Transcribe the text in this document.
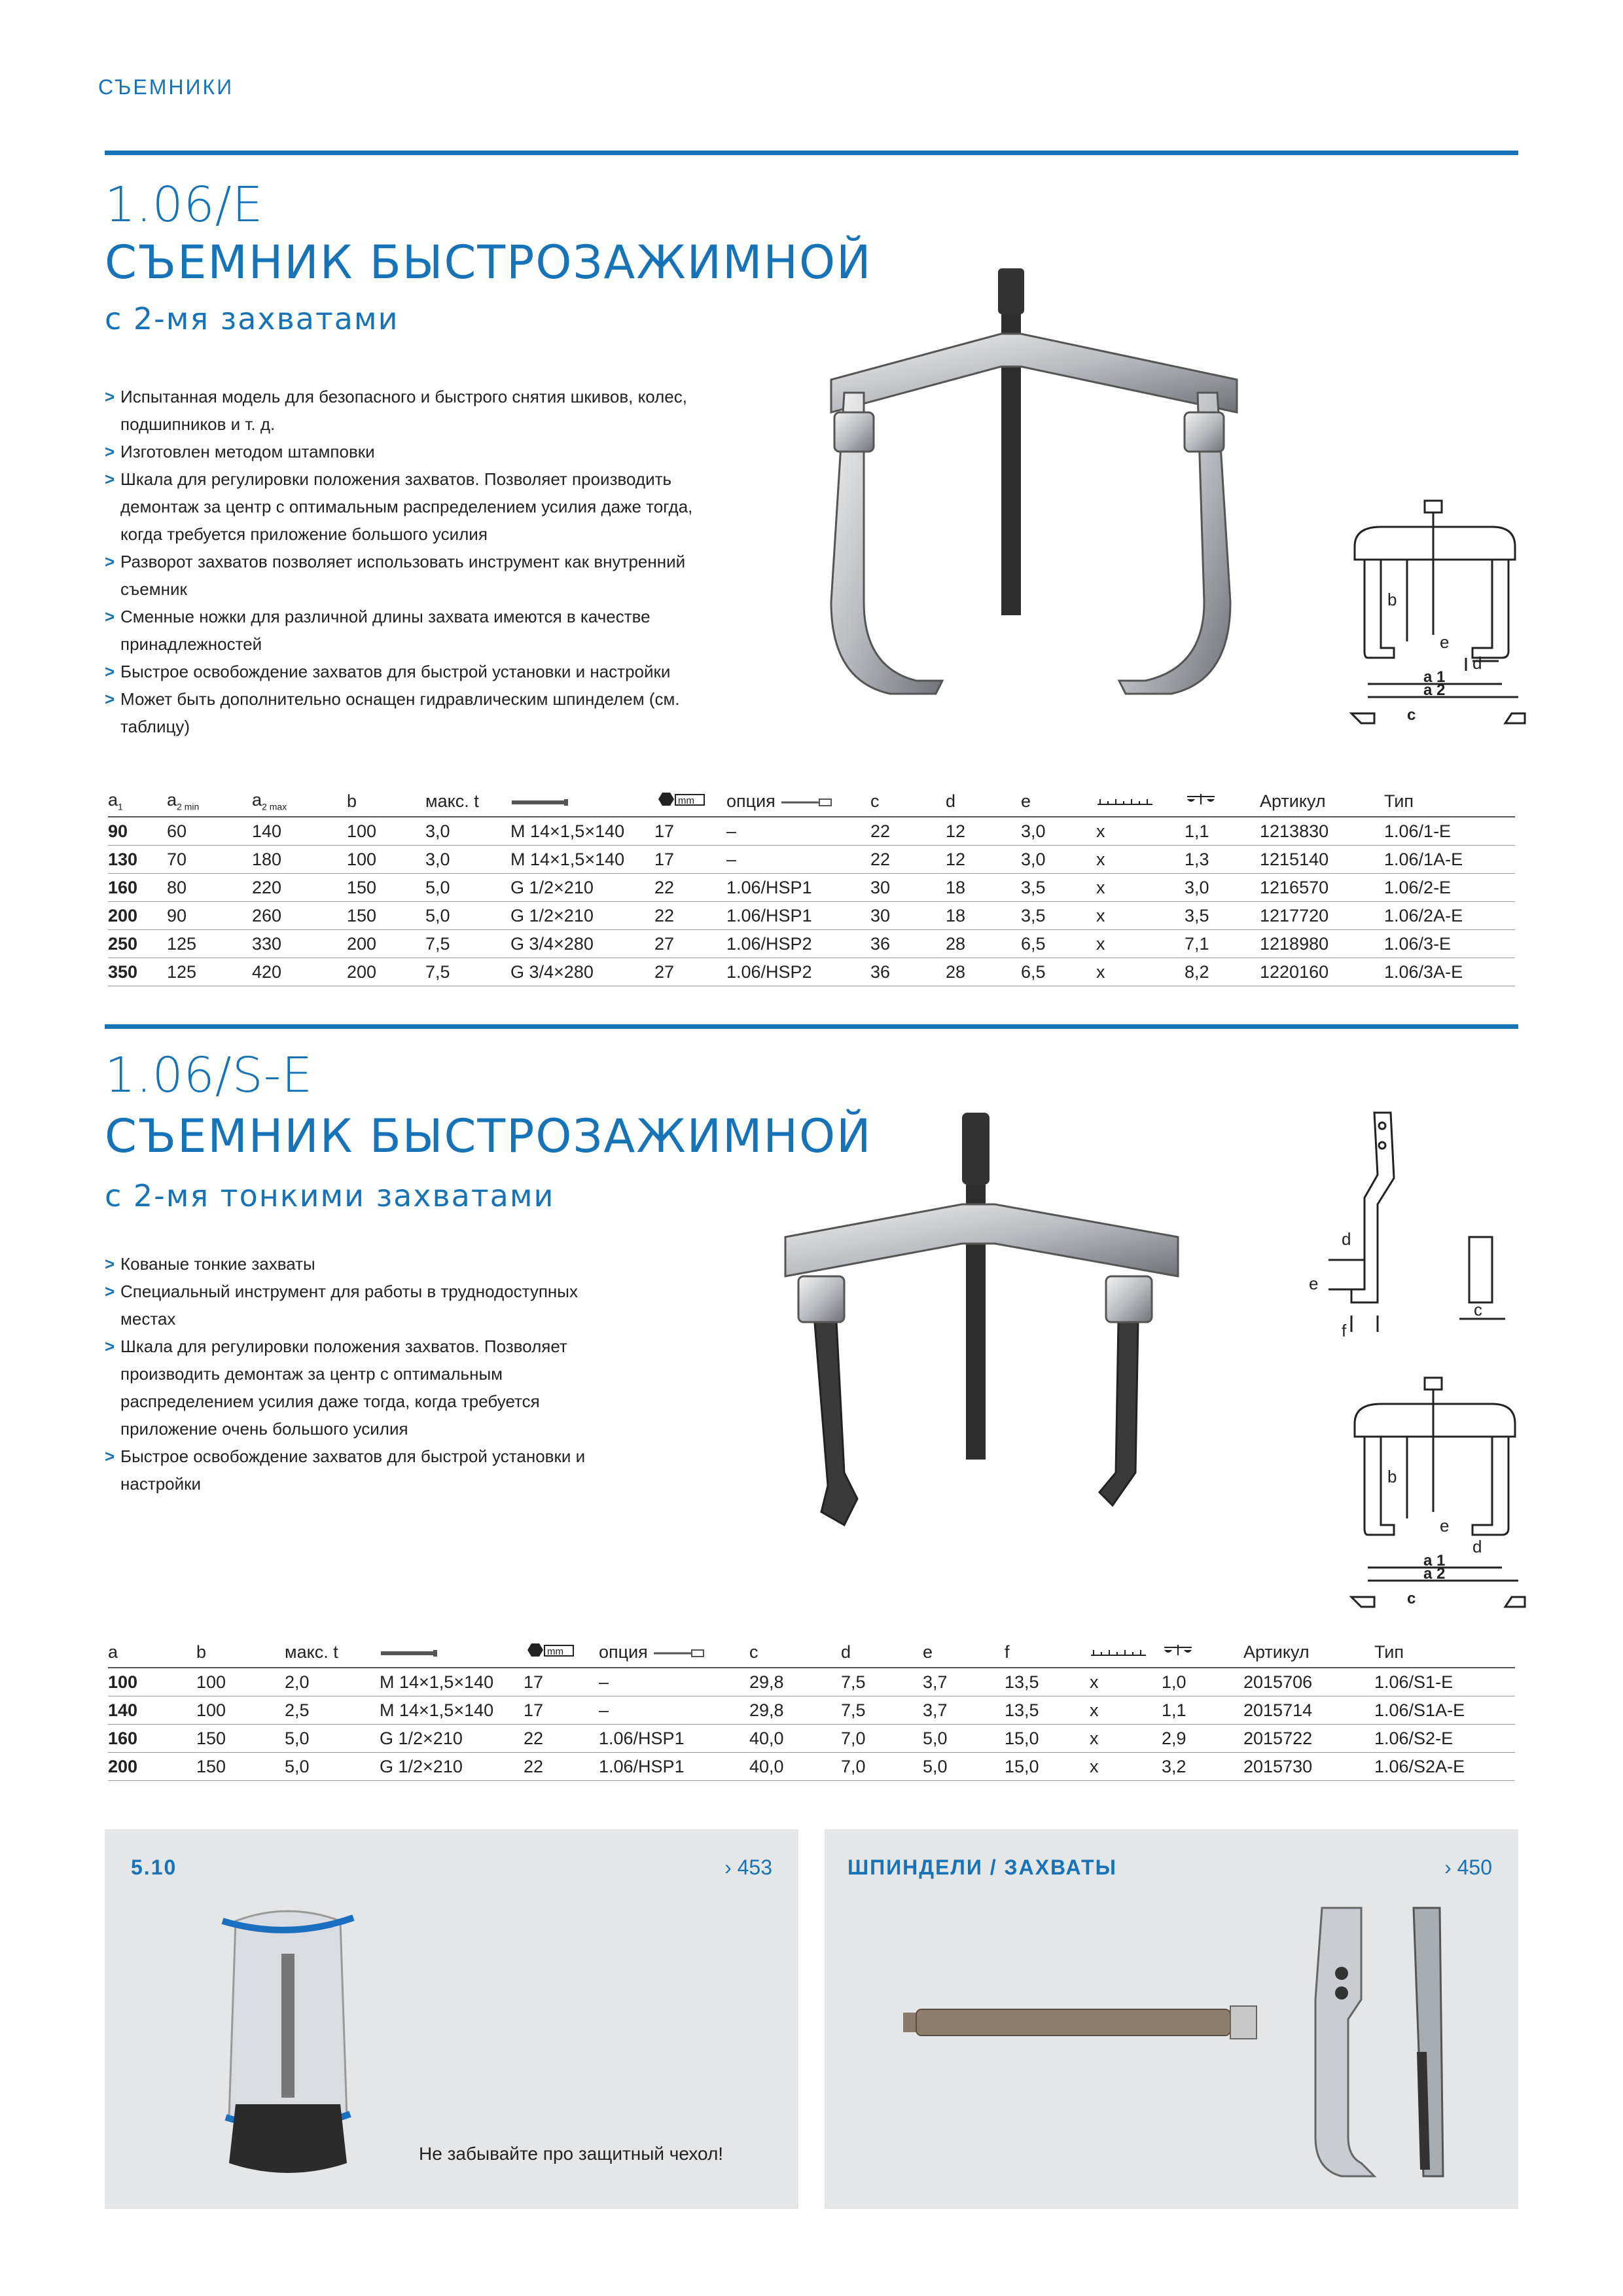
СЪЕМНИКИ
1.06/E
СЪЕМНИК БЫСТРОЗАЖИМНОЙ
с 2-мя захватами
> Испытанная модель для безопасного и быстрого снятия шкивов, колес, подшипников и т. д.
> Изготовлен методом штамповки
> Шкала для регулировки положения захватов. Позволяет производить демонтаж за центр с оптимальным распределением усилия даже тогда, когда требуется приложение большого усилия
> Разворот захватов позволяет использовать инструмент как внутренний съемник
> Сменные ножки для различной длины захвата имеются в качестве принадлежностей
> Быстрое освобождение захватов для быстрой установки и настройки
> Может быть дополнительно оснащен гидравлическим шпинделем (см. таблицу)
b
e
d
a 1
a 2
c
$a_1$	$a_{2 min}$	$a_{2 max}$	b	макс. t		mm	опция	c	d	e			Артикул	Тип
90	60	140	100	3,0	M 14×1,5×140	17	–	22	12	3,0	x	1,1	1213830	1.06/1-E
130	70	180	100	3,0	M 14×1,5×140	17	–	22	12	3,0	x	1,3	1215140	1.06/1A-E
160	80	220	150	5,0	G 1/2×210	22	1.06/HSP1	30	18	3,5	x	3,0	1216570	1.06/2-E
200	90	260	150	5,0	G 1/2×210	22	1.06/HSP1	30	18	3,5	x	3,5	1217720	1.06/2A-E
250	125	330	200	7,5	G 3/4×280	27	1.06/HSP2	36	28	6,5	x	7,1	1218980	1.06/3-E
350	125	420	200	7,5	G 3/4×280	27	1.06/HSP2	36	28	6,5	x	8,2	1220160	1.06/3A-E
1.06/S-E
СЪЕМНИК БЫСТРОЗАЖИМНОЙ
с 2-мя тонкими захватами
> Кованые тонкие захваты
> Специальный инструмент для работы в труднодоступных местах
> Шкала для регулировки положения захватов. Позволяет производить демонтаж за центр с оптимальным распределением усилия даже тогда, когда требуется приложение очень большого усилия
> Быстрое освобождение захватов для быстрой установки и настройки
d
e
f
c
b
e
d
a 1
a 2
c
a	b	макс. t		mm	опция	c	d	e	f			Артикул	Тип
100	100	2,0	M 14×1,5×140	17	–	29,8	7,5	3,7	13,5	x	1,0	2015706	1.06/S1-E
140	100	2,5	M 14×1,5×140	17	–	29,8	7,5	3,7	13,5	x	1,1	2015714	1.06/S1A-E
160	150	5,0	G 1/2×210	22	1.06/HSP1	40,0	7,0	5,0	15,0	x	2,9	2015722	1.06/S2-E
200	150	5,0	G 1/2×210	22	1.06/HSP1	40,0	7,0	5,0	15,0	x	3,2	2015730	1.06/S2A-E
5.10	› 453
Не забывайте про защитный чехол!
ШПИНДЕЛИ / ЗАХВАТЫ	› 450
